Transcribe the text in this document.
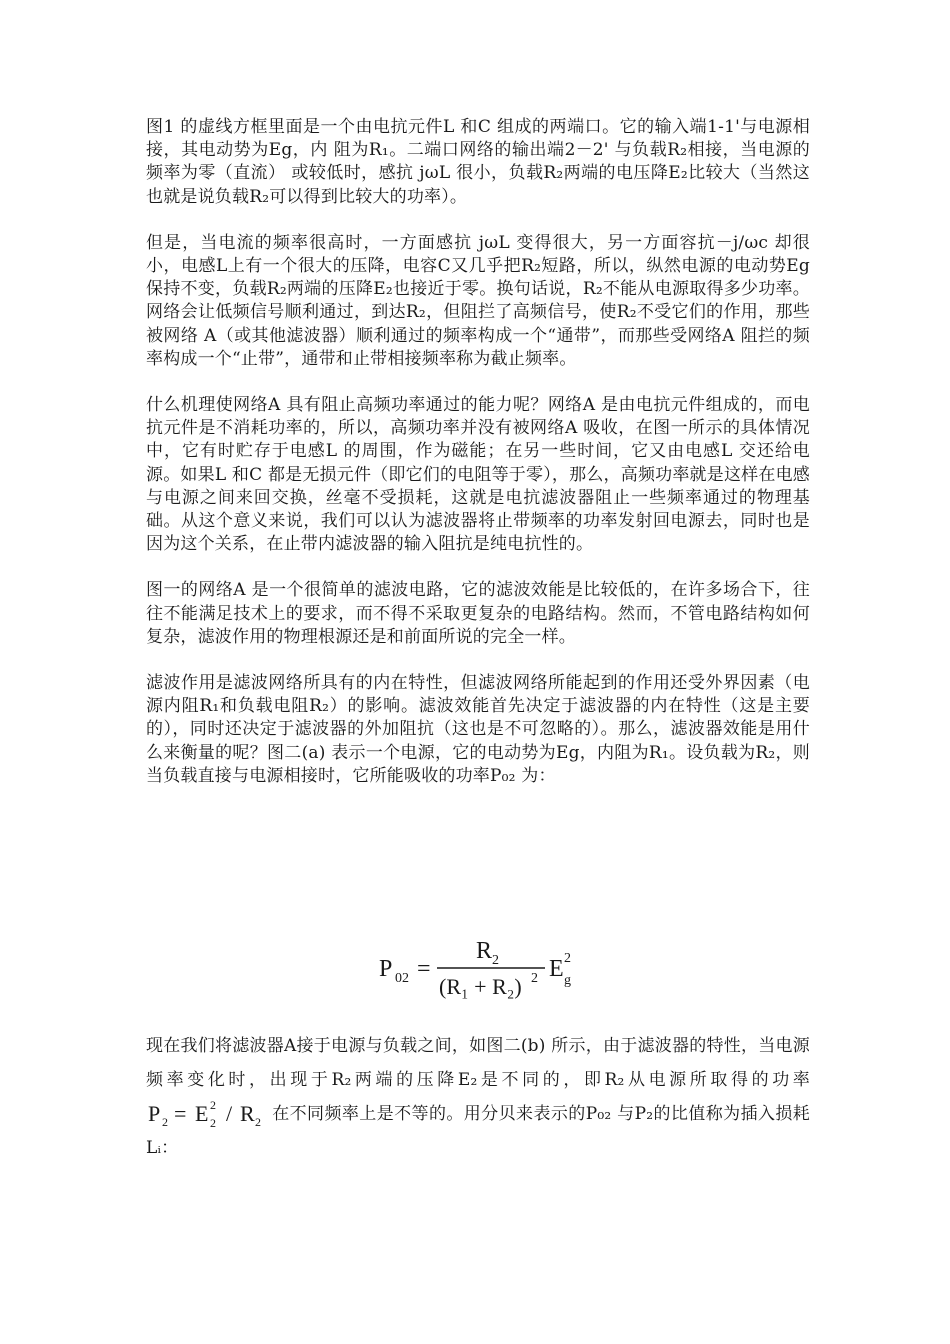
图1 的虚线方框里面是一个由电抗元件L 和C 组成的两端口。它的输入端1-1'与电源相接，其电动势为Eg，内 阻为R₁。二端口网络的输出端2－2' 与负载R₂相接，当电源的频率为零（直流） 或较低时，感抗 jωL 很小，负载R₂两端的电压降E₂比较大（当然这也就是说负载R₂可以得到比较大的功率）。

但是，当电流的频率很高时，一方面感抗 jωL 变得很大，另一方面容抗－j/ωc 却很小，电感L上有一个很大的压降，电容C又几乎把R₂短路，所以，纵然电源的电动势Eg保持不变，负载R₂两端的压降E₂也接近于零。换句话说，R₂不能从电源取得多少功率。网络会让低频信号顺利通过，到达R₂，但阻拦了高频信号，使R₂不受它们的作用，那些被网络 A（或其他滤波器）顺利通过的频率构成一个“通带”，而那些受网络A 阻拦的频率构成一个“止带”，通带和止带相接频率称为截止频率。

什么机理使网络A 具有阻止高频功率通过的能力呢？网络A 是由电抗元件组成的，而电抗元件是不消耗功率的，所以，高频功率并没有被网络A 吸收，在图一所示的具体情况中，它有时贮存于电感L 的周围，作为磁能；在另一些时间，它又由电感L 交还给电源。如果L 和C 都是无损元件（即它们的电阻等于零），那么，高频功率就是这样在电感与电源之间来回交换，丝毫不受损耗，这就是电抗滤波器阻止一些频率通过的物理基础。从这个意义来说，我们可以认为滤波器将止带频率的功率发射回电源去，同时也是因为这个关系，在止带内滤波器的输入阻抗是纯电抗性的。

图一的网络A 是一个很简单的滤波电路，它的滤波效能是比较低的，在许多场合下，往往不能满足技术上的要求，而不得不采取更复杂的电路结构。然而，不管电路结构如何复杂，滤波作用的物理根源还是和前面所说的完全一样。

滤波作用是滤波网络所具有的内在特性，但滤波网络所能起到的作用还受外界因素（电源内阻R₁和负载电阻R₂）的影响。滤波效能首先决定于滤波器的内在特性（这是主要的），同时还决定于滤波器的外加阻抗（这也是不可忽略的）。那么，滤波器效能是用什么来衡量的呢？图二(a) 表示一个电源，它的电动势为Eg，内阻为R₁。设负载为R₂，则当负载直接与电源相接时，它所能吸收的功率P₀₂ 为：

P 02 =
R 2
(R₁ + R₂) 2 E 2
g

现在我们将滤波器A接于电源与负载之间，如图二(b) 所示，由于滤波器的特性，当电源频率变化时，出现于R₂两端的压降E₂是不同的，即R₂从电源所取得的功率
P 2 = E 2
2 / R 2 在不同频率上是不等的。用分贝来表示的P₀₂ 与P₂的比值称为插入损耗Lᵢ：
